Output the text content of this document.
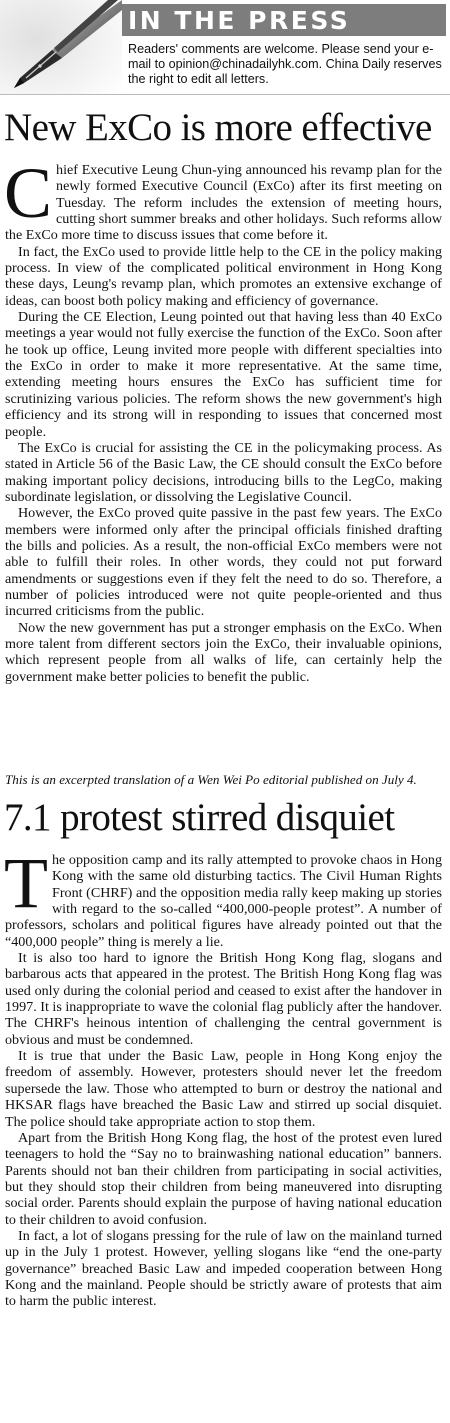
IN THE PRESS
Readers' comments are welcome. Please send your e-mail to opinion@chinadailyhk.com. China Daily reserves the right to edit all letters.
New ExCo is more effective

Chief Executive Leung Chun-ying announced his revamp plan for the newly formed Executive Council (ExCo) after its first meeting on Tuesday. The reform includes the extension of meeting hours, cutting short summer breaks and other holidays. Such reforms allow the ExCo more time to discuss issues that come before it.

In fact, the ExCo used to provide little help to the CE in the policy making process. In view of the complicated political environment in Hong Kong these days, Leung's revamp plan, which promotes an extensive exchange of ideas, can boost both policy making and efficiency of governance.

During the CE Election, Leung pointed out that having less than 40 ExCo meetings a year would not fully exercise the function of the ExCo. Soon after he took up office, Leung invited more people with different specialties into the ExCo in order to make it more representative. At the same time, extending meeting hours ensures the ExCo has sufficient time for scrutinizing various policies. The reform shows the new government's high efficiency and its strong will in responding to issues that concerned most people.

The ExCo is crucial for assisting the CE in the policymaking process. As stated in Article 56 of the Basic Law, the CE should consult the ExCo before making important policy decisions, introducing bills to the LegCo, making subordinate legislation, or dissolving the Legislative Council.

However, the ExCo proved quite passive in the past few years. The ExCo members were informed only after the principal officials finished drafting the bills and policies. As a result, the non-official ExCo members were not able to fulfill their roles. In other words, they could not put forward amendments or suggestions even if they felt the need to do so. Therefore, a number of policies introduced were not quite people-oriented and thus incurred criticisms from the public.

Now the new government has put a stronger emphasis on the ExCo. When more talent from different sectors join the ExCo, their invaluable opinions, which represent people from all walks of life, can certainly help the government make better policies to benefit the public.

This is an excerpted translation of a Wen Wei Po editorial published on July 4.
7.1 protest stirred disquiet

The opposition camp and its rally attempted to provoke chaos in Hong Kong with the same old disturbing tactics. The Civil Human Rights Front (CHRF) and the opposition media rally keep making up stories with regard to the so-called “400,000-people protest”. A number of professors, scholars and political figures have already pointed out that the “400,000 people” thing is merely a lie.

It is also too hard to ignore the British Hong Kong flag, slogans and barbarous acts that appeared in the protest. The British Hong Kong flag was used only during the colonial period and ceased to exist after the handover in 1997. It is inappropriate to wave the colonial flag publicly after the handover. The CHRF's heinous intention of challenging the central government is obvious and must be condemned.

It is true that under the Basic Law, people in Hong Kong enjoy the freedom of assembly. However, protesters should never let the freedom supersede the law. Those who attempted to burn or destroy the national and HKSAR flags have breached the Basic Law and stirred up social disquiet. The police should take appropriate action to stop them.

Apart from the British Hong Kong flag, the host of the protest even lured teenagers to hold the “Say no to brainwashing national education” banners. Parents should not ban their children from participating in social activities, but they should stop their children from being maneuvered into disrupting social order. Parents should explain the purpose of having national education to their children to avoid confusion.

In fact, a lot of slogans pressing for the rule of law on the mainland turned up in the July 1 protest. However, yelling slogans like “end the one-party governance” breached Basic Law and impeded cooperation between Hong Kong and the mainland. People should be strictly aware of protests that aim to harm the public interest.
